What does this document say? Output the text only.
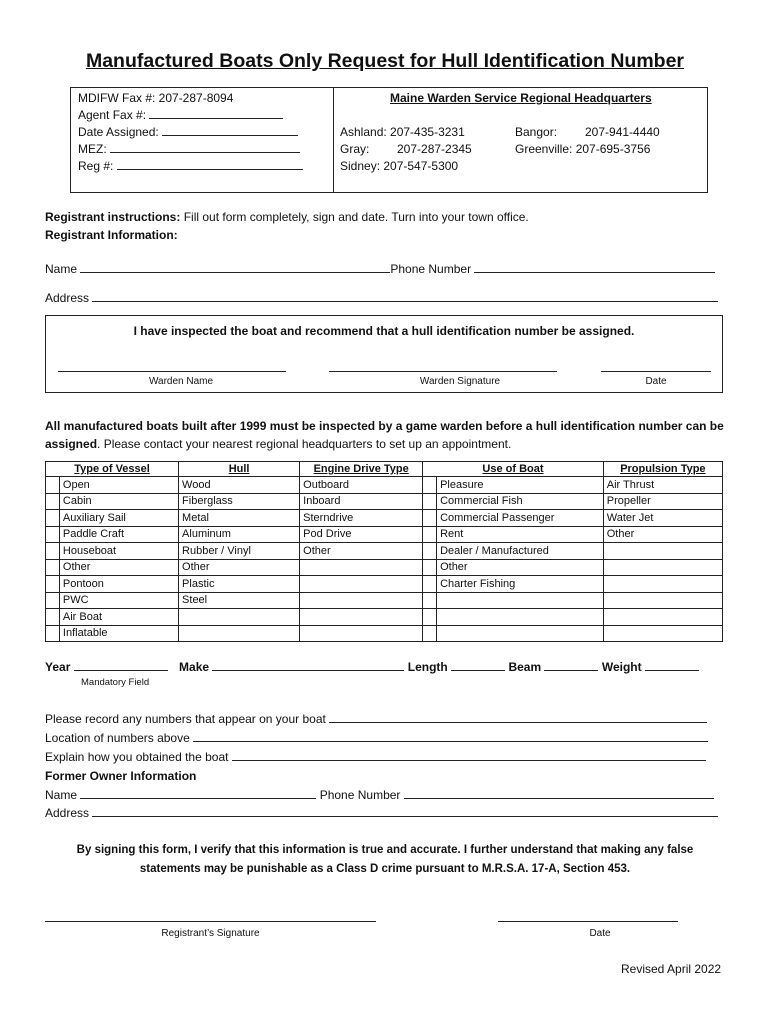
Manufactured Boats Only Request for Hull Identification Number
MDIFW Fax #: 207-287-8094
Agent Fax #:
Date Assigned:
MEZ:
Reg #:
Maine Warden Service Regional Headquarters
Ashland: 207-435-3231
Gray: 207-287-2345
Sidney: 207-547-5300
Bangor: 207-941-4440
Greenville: 207-695-3756
Registrant instructions: Fill out form completely, sign and date. Turn into your town office.
Registrant Information:
Name	Phone Number
Address
I have inspected the boat and recommend that a hull identification number be assigned.
Warden Name	Warden Signature	Date
All manufactured boats built after 1999 must be inspected by a game warden before a hull identification number can be assigned. Please contact your nearest regional headquarters to set up an appointment.
Type of Vessel		Hull	Engine Drive Type	Use of Boat		Propulsion Type
	Open	Wood	Outboard		Pleasure	Air Thrust
	Cabin	Fiberglass	Inboard		Commercial Fish	Propeller
	Auxiliary Sail	Metal	Sterndrive		Commercial Passenger	Water Jet
	Paddle Craft	Aluminum	Pod Drive		Rent	Other
	Houseboat	Rubber / Vinyl	Other		Dealer / Manufactured	
	Other	Other			Other	
	Pontoon	Plastic			Charter Fishing	
	PWC	Steel				
	Air Boat					
	Inflatable					
Year	Make	Length	Beam	Weight
Mandatory Field
Please record any numbers that appear on your boat
Location of numbers above
Explain how you obtained the boat
Former Owner Information
Name	Phone Number
Address
By signing this form, I verify that this information is true and accurate. I further understand that making any false
statements may be punishable as a Class D crime pursuant to M.R.S.A. 17-A, Section 453.
Registrant’s Signature	Date
Revised April 2022
